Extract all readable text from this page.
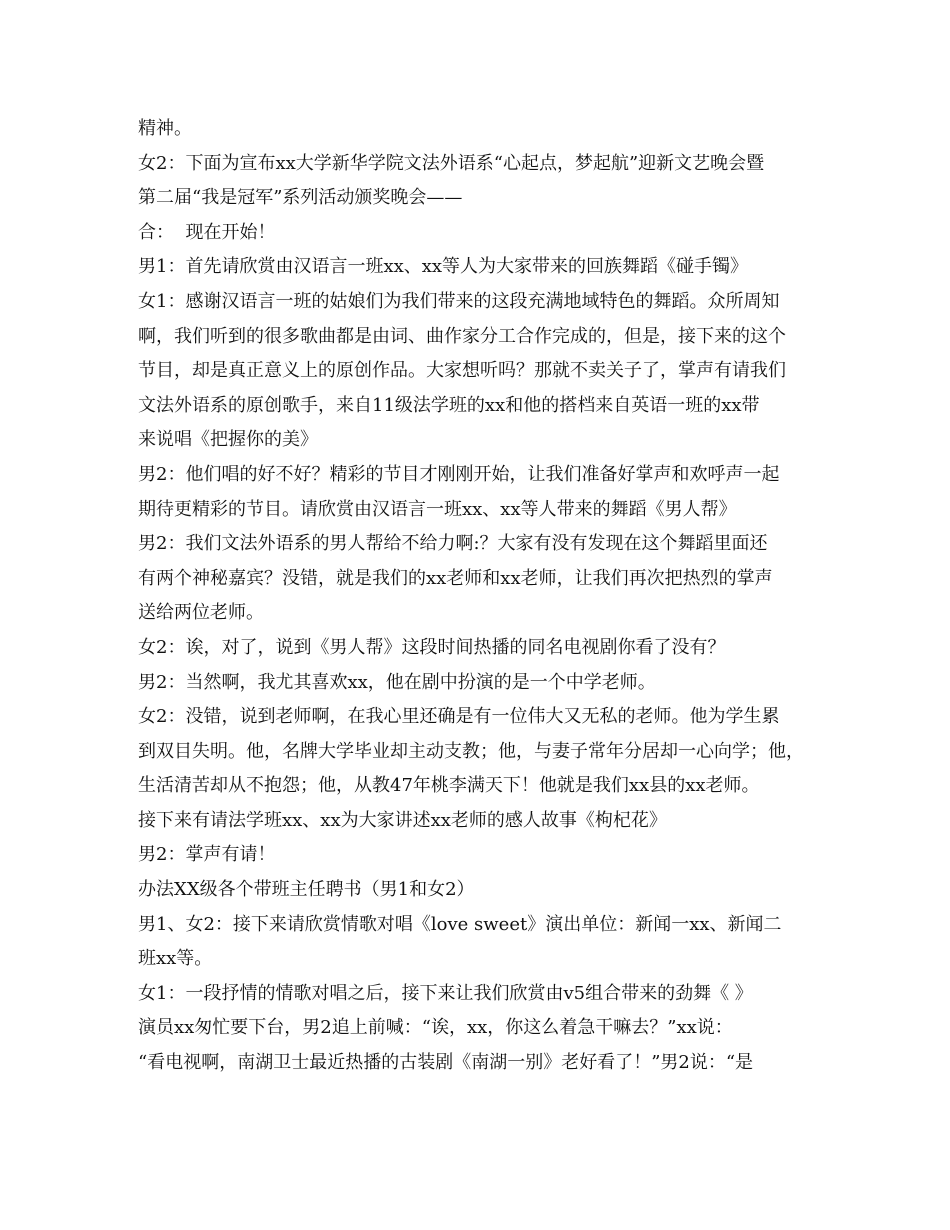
精神。
女2：下面为宣布xx大学新华学院文法外语系“心起点，梦起航”迎新文艺晚会暨
第二届“我是冠军”系列活动颁奖晚会——
合：  现在开始！
男1：首先请欣赏由汉语言一班xx、xx等人为大家带来的回族舞蹈《碰手镯》
女1：感谢汉语言一班的姑娘们为我们带来的这段充满地域特色的舞蹈。众所周知
啊，我们听到的很多歌曲都是由词、曲作家分工合作完成的，但是，接下来的这个
节目，却是真正意义上的原创作品。大家想听吗？那就不卖关子了，掌声有请我们
文法外语系的原创歌手，来自11级法学班的xx和他的搭档来自英语一班的xx带
来说唱《把握你的美》
男2：他们唱的好不好？精彩的节目才刚刚开始，让我们准备好掌声和欢呼声一起
期待更精彩的节目。请欣赏由汉语言一班xx、xx等人带来的舞蹈《男人帮》
男2：我们文法外语系的男人帮给不给力啊:？大家有没有发现在这个舞蹈里面还
有两个神秘嘉宾？没错，就是我们的xx老师和xx老师，让我们再次把热烈的掌声
送给两位老师。
女2：诶，对了，说到《男人帮》这段时间热播的同名电视剧你看了没有？
男2：当然啊，我尤其喜欢xx，他在剧中扮演的是一个中学老师。
女2：没错，说到老师啊，在我心里还确是有一位伟大又无私的老师。他为学生累
到双目失明。他，名牌大学毕业却主动支教；他，与妻子常年分居却一心向学；他，
生活清苦却从不抱怨；他，从教47年桃李满天下！他就是我们xx县的xx老师。
接下来有请法学班xx、xx为大家讲述xx老师的感人故事《枸杞花》
男2：掌声有请！
办法XX级各个带班主任聘书（男1和女2）
男1、女2：接下来请欣赏情歌对唱《love sweet》演出单位：新闻一xx、新闻二
班xx等。
女1：一段抒情的情歌对唱之后，接下来让我们欣赏由v5组合带来的劲舞《 》
演员xx匆忙要下台，男2追上前喊：“诶，xx，你这么着急干嘛去？”xx说：
“看电视啊，南湖卫士最近热播的古装剧《南湖一别》老好看了！”男2说：“是
